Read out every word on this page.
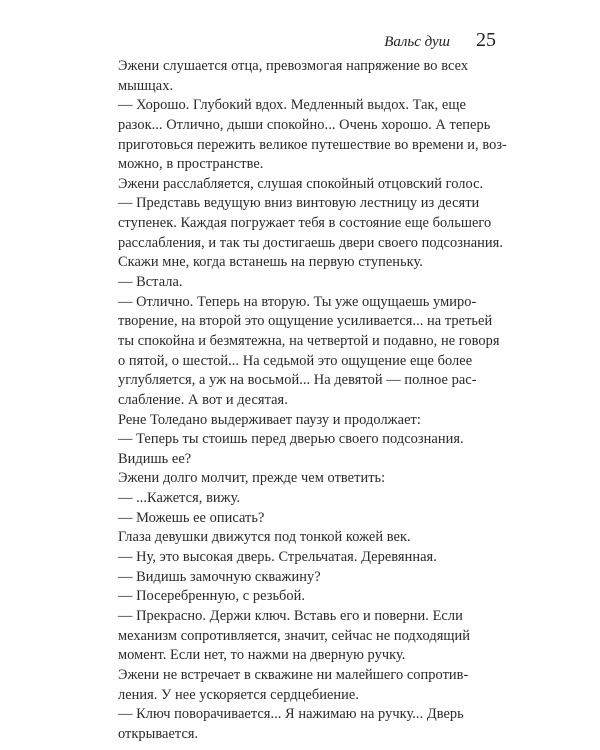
Вальс душ 25
Эжени слушается отца, превозмогая напряжение во всех
мышцах.
— Хорошо. Глубокий вдох. Медленный выдох. Так, еще
разок... Отлично, дыши спокойно... Очень хорошо. А теперь
приготовься пережить великое путешествие во времени и, воз-
можно, в пространстве.
Эжени расслабляется, слушая спокойный отцовский голос.
— Представь ведущую вниз винтовую лестницу из десяти
ступенек. Каждая погружает тебя в состояние еще большего
расслабления, и так ты достигаешь двери своего подсознания.
Скажи мне, когда встанешь на первую ступеньку.
— Встала.
— Отлично. Теперь на вторую. Ты уже ощущаешь умиро-
творение, на второй это ощущение усиливается... на третьей
ты спокойна и безмятежна, на четвертой и подавно, не говоря
о пятой, о шестой... На седьмой это ощущение еще более
углубляется, а уж на восьмой... На девятой — полное рас-
слабление. А вот и десятая.
Рене Толедано выдерживает паузу и продолжает:
— Теперь ты стоишь перед дверью своего подсознания.
Видишь ее?
Эжени долго молчит, прежде чем ответить:
— ...Кажется, вижу.
— Можешь ее описать?
Глаза девушки движутся под тонкой кожей век.
— Ну, это высокая дверь. Стрельчатая. Деревянная.
— Видишь замочную скважину?
— Посеребренную, с резьбой.
— Прекрасно. Держи ключ. Вставь его и поверни. Если
механизм сопротивляется, значит, сейчас не подходящий
момент. Если нет, то нажми на дверную ручку.
Эжени не встречает в скважине ни малейшего сопротив-
ления. У нее ускоряется сердцебиение.
— Ключ поворачивается... Я нажимаю на ручку... Дверь
открывается.
